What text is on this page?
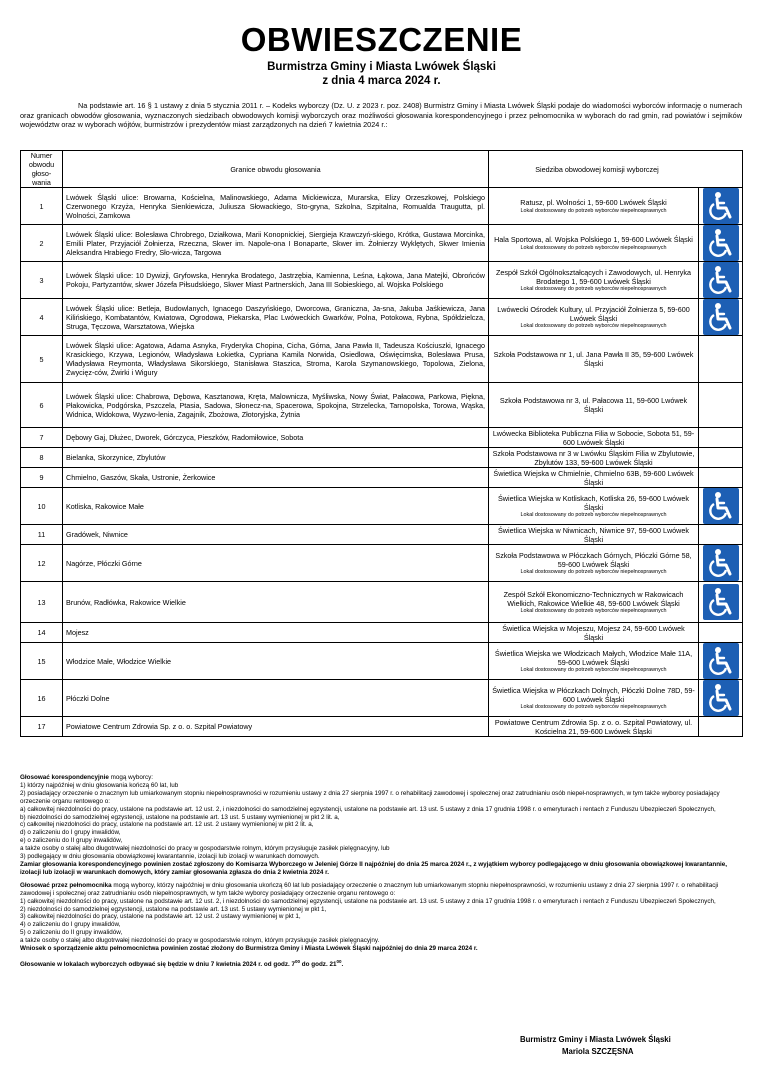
OBWIESZCZENIE
Burmistrza Gminy i Miasta Lwówek Śląski
z dnia 4 marca 2024 r.
Na podstawie art. 16 § 1 ustawy z dnia 5 stycznia 2011 r. – Kodeks wyborczy (Dz. U. z 2023 r. poz. 2408) Burmistrz Gminy i Miasta Lwówek Śląski podaje do wiadomości wyborców informację o numerach oraz granicach obwodów głosowania, wyznaczonych siedzibach obwodowych komisji wyborczych oraz możliwości głosowania korespondencyjnego i przez pełnomocnika w wyborach do rad gmin, rad powiatów i sejmików województw oraz w wyborach wójtów, burmistrzów i prezydentów miast zarządzonych na dzień 7 kwietnia 2024 r.:
Numer obwodu głoso-wania	Granice obwodu głosowania	Siedziba obwodowej komisji wyborczej	

1	Lwówek Śląski ulice: Browarna, Kościelna, Malinowskiego, Adama Mickiewicza, Murarska, Elizy Orzeszkowej, Polskiego Czerwonego Krzyża, Henryka Sienkiewicza, Juliusza Słowackiego, Sto-gryna, Szkolna, Szpitalna, Romualda Traugutta, pl. Wolności, Zamkowa	Ratusz, pl. Wolności 1, 59-600 Lwówek Śląski
Lokal dostosowany do potrzeb wyborców niepełnosprawnych

2	Lwówek Śląski ulice: Bolesława Chrobrego, Działkowa, Marii Konopnickiej, Siergieja Krawczyń-skiego, Krótka, Gustawa Morcinka, Emilii Plater, Przyjaciół Żołnierza, Rzeczna, Skwer im. Napole-ona I Bonaparte, Skwer im. Żołnierzy Wyklętych, Skwer Imienia Aleksandra Hrabiego Fredry, Sło-wicza, Targowa	Hala Sportowa, al. Wojska Polskiego 1, 59-600 Lwówek Śląski
Lokal dostosowany do potrzeb wyborców niepełnosprawnych

3	Lwówek Śląski ulice: 10 Dywizji, Gryfowska, Henryka Brodatego, Jastrzębia, Kamienna, Leśna, Łąkowa, Jana Matejki, Obrońców Pokoju, Partyzantów, skwer Józefa Piłsudskiego, Skwer Miast Partnerskich, Jana III Sobieskiego, al. Wojska Polskiego	Zespół Szkół Ogólnokształcących i Zawodowych, ul. Henryka Brodatego 1, 59-600 Lwówek Śląski
Lokal dostosowany do potrzeb wyborców niepełnosprawnych

4	Lwówek Śląski ulice: Betleja, Budowlanych, Ignacego Daszyńskiego, Dworcowa, Graniczna, Ja-sna, Jakuba Jaśkiewicza, Jana Kilińskiego, Kombatantów, Kwiatowa, Ogrodowa, Piekarska, Plac Lwóweckich Gwarków, Polna, Potokowa, Rybna, Spółdzielcza, Struga, Tęczowa, Warsztatowa, Wiejska	Lwówecki Ośrodek Kultury, ul. Przyjaciół Żołnierza 5, 59-600 Lwówek Śląski
Lokal dostosowany do potrzeb wyborców niepełnosprawnych

5	Lwówek Śląski ulice: Agatowa, Adama Asnyka, Fryderyka Chopina, Cicha, Górna, Jana Pawła II, Tadeusza Kościuszki, Ignacego Krasickiego, Krzywa, Legionów, Władysława Łokietka, Cypriana Kamila Norwida, Osiedlowa, Oświęcimska, Bolesława Prusa, Władysława Reymonta, Władysława Sikorskiego, Stanisława Staszica, Stroma, Karola Szymanowskiego, Topolowa, Zielona, Zwycięz-ców, Żwirki i Wigury	Szkoła Podstawowa nr 1, ul. Jana Pawła II 35, 59-600 Lwówek Śląski	
6	Lwówek Śląski ulice: Chabrowa, Dębowa, Kasztanowa, Kręta, Malownicza, Myśliwska, Nowy Świat, Pałacowa, Parkowa, Piękna, Płakowicka, Podgórska, Pszczela, Ptasia, Sadowa, Słonecz-na, Spacerowa, Spokojna, Strzelecka, Tarnopolska, Torowa, Wąska, Widnica, Widokowa, Wyzwo-lenia, Zagajnik, Zbożowa, Złotoryjska, Żytnia	Szkoła Podstawowa nr 3, ul. Pałacowa 11, 59-600 Lwówek Śląski	
7	Dębowy Gaj, Dłużec, Dworek, Górczyca, Pieszków, Radomiłowice, Sobota	Lwówecka Biblioteka Publiczna Filia w Sobocie, Sobota 51, 59-600 Lwówek Śląski	
8	Bielanka, Skorzynice, Zbylutów	Szkoła Podstawowa nr 3 w Lwówku Śląskim Filia w Zbylutowie, Zbylutów 133, 59-600 Lwówek Śląski	
9	Chmielno, Gaszów, Skała, Ustronie, Żerkowice	Świetlica Wiejska w Chmielnie, Chmielno 63B, 59-600 Lwówek Śląski	
10	Kotliska, Rakowice Małe	Świetlica Wiejska w Kotliskach, Kotliska 26, 59-600 Lwówek Śląski
Lokal dostosowany do potrzeb wyborców niepełnosprawnych

11	Gradówek, Niwnice	Świetlica Wiejska w Niwnicach, Niwnice 97, 59-600 Lwówek Śląski	
12	Nagórze, Płóczki Górne	Szkoła Podstawowa w Płóczkach Górnych, Płóczki Górne 58, 59-600 Lwówek Śląski
Lokal dostosowany do potrzeb wyborców niepełnosprawnych

13	Brunów, Radłówka, Rakowice Wielkie	Zespół Szkół Ekonomiczno-Technicznych w Rakowicach Wielkich, Rakowice Wielkie 48, 59-600 Lwówek Śląski
Lokal dostosowany do potrzeb wyborców niepełnosprawnych

14	Mojesz	Świetlica Wiejska w Mojeszu, Mojesz 24, 59-600 Lwówek Śląski	
15	Włodzice Małe, Włodzice Wielkie	Świetlica Wiejska we Włodzicach Małych, Włodzice Małe 11A, 59-600 Lwówek Śląski
Lokal dostosowany do potrzeb wyborców niepełnosprawnych

16	Płóczki Dolne	Świetlica Wiejska w Płóczkach Dolnych, Płóczki Dolne 78D, 59-600 Lwówek Śląski
Lokal dostosowany do potrzeb wyborców niepełnosprawnych

17	Powiatowe Centrum Zdrowia Sp. z o. o. Szpital Powiatowy	Powiatowe Centrum Zdrowia Sp. z o. o. Szpital Powiatowy, ul. Kościelna 21, 59-600 Lwówek Śląski	

Głosować korespondencyjnie mogą wyborcy:

1) którzy najpóźniej w dniu głosowania kończą 60 lat, lub

2) posiadający orzeczenie o znacznym lub umiarkowanym stopniu niepełnosprawności w rozumieniu ustawy z dnia 27 sierpnia 1997 r. o rehabilitacji zawodowej i społecznej oraz zatrudnianiu osób niepeł-nosprawnych, w tym także wyborcy posiadający orzeczenie organu rentowego o:

a) całkowitej niezdolności do pracy, ustalone na podstawie art. 12 ust. 2, i niezdolności do samodzielnej egzystencji, ustalone na podstawie art. 13 ust. 5 ustawy z dnia 17 grudnia 1998 r. o emeryturach i rentach z Funduszu Ubezpieczeń Społecznych,

b) niezdolności do samodzielnej egzystencji, ustalone na podstawie art. 13 ust. 5 ustawy wymienionej w pkt 2 lit. a,

c) całkowitej niezdolności do pracy, ustalone na podstawie art. 12 ust. 2 ustawy wymienionej w pkt 2 lit. a,

d) o zaliczeniu do I grupy inwalidów,

e) o zaliczeniu do II grupy inwalidów,

a także osoby o stałej albo długotrwałej niezdolności do pracy w gospodarstwie rolnym, którym przysługuje zasiłek pielęgnacyjny, lub

3) podlegający w dniu głosowania obowiązkowej kwarantannie, izolacji lub izolacji w warunkach domowych.

Zamiar głosowania korespondencyjnego powinien zostać zgłoszony do Komisarza Wyborczego w Jeleniej Górze II najpóźniej do dnia 25 marca 2024 r., z wyjątkiem wyborcy podlegającego w dniu głosowania obowiązkowej kwarantannie, izolacji lub izolacji w warunkach domowych, który zamiar głosowania zgłasza do dnia 2 kwietnia 2024 r.

Głosować przez pełnomocnika mogą wyborcy, którzy najpóźniej w dniu głosowania ukończą 60 lat lub posiadający orzeczenie o znacznym lub umiarkowanym stopniu niepełnosprawności, w rozumieniu ustawy z dnia 27 sierpnia 1997 r. o rehabilitacji zawodowej i społecznej oraz zatrudnianiu osób niepełnosprawnych, w tym także wyborcy posiadający orzeczenie organu rentowego o:

1) całkowitej niezdolności do pracy, ustalone na podstawie art. 12 ust. 2, i niezdolności do samodzielnej egzystencji, ustalone na podstawie art. 13 ust. 5 ustawy z dnia 17 grudnia 1998 r. o emeryturach i rentach z Funduszu Ubezpieczeń Społecznych,

2) niezdolności do samodzielnej egzystencji, ustalone na podstawie art. 13 ust. 5 ustawy wymienionej w pkt 1,

3) całkowitej niezdolności do pracy, ustalone na podstawie art. 12 ust. 2 ustawy wymienionej w pkt 1,

4) o zaliczeniu do I grupy inwalidów,

5) o zaliczeniu do II grupy inwalidów,

a także osoby o stałej albo długotrwałej niezdolności do pracy w gospodarstwie rolnym, którym przysługuje zasiłek pielęgnacyjny.

Wniosek o sporządzenie aktu pełnomocnictwa powinien zostać złożony do Burmistrza Gminy i Miasta Lwówek Śląski najpóźniej do dnia 29 marca 2024 r.

Głosowanie w lokalach wyborczych odbywać się będzie w dniu 7 kwietnia 2024 r. od godz. $7^{00}$ do godz. $21^{00}$.

Burmistrz Gminy i Miasta Lwówek Śląski
Mariola SZCZĘSNA
